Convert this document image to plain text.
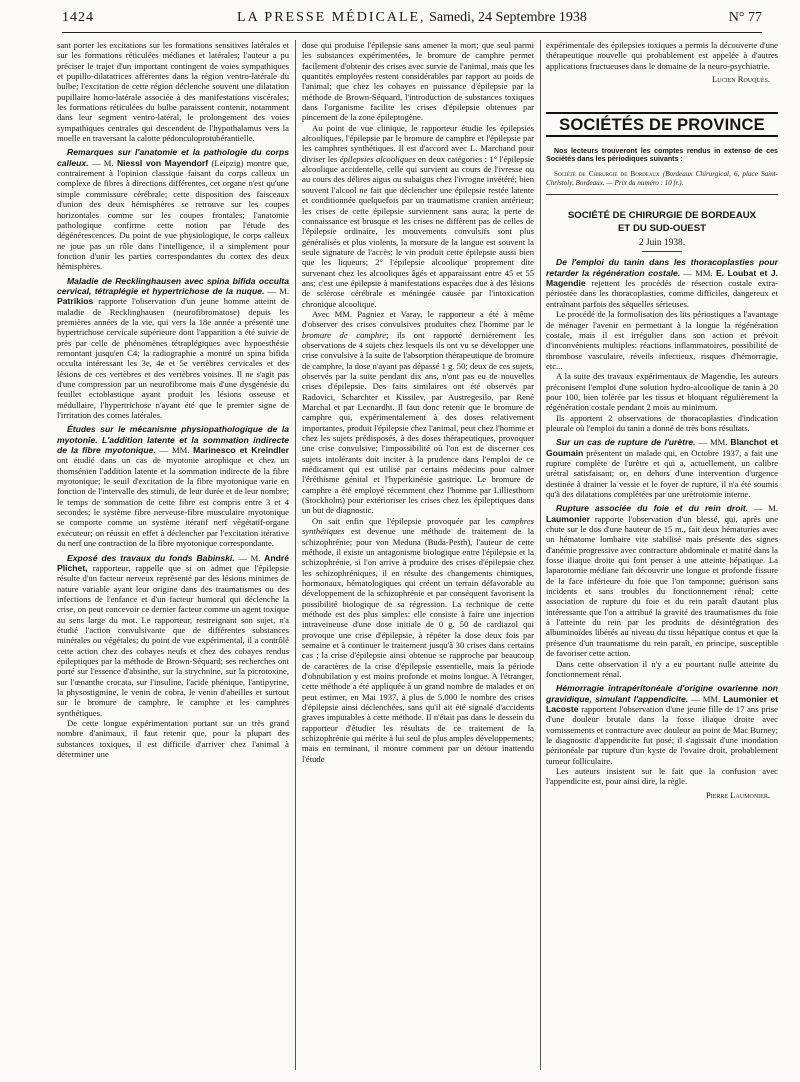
1424	LA PRESSE MÉDICALE, Samedi, 24 Septembre 1938	N° 77

sant porter les excitations sur les formations sensitives latérales et sur les formations réticulées médianes et latérales; l'auteur a pu préciser le trajet d'un important contingent de voies sympathiques et pupillo-dilatatrices afférentes dans la région ventro-latérale du bulbe; l'excitation de cette région déclenche souvent une dilatation pupillaire homo-latérale associée à des manifestations viscérales; les formations réticulées du bulbe paraissent contenir, notamment dans leur segment ventro-latéral, le prolongement des voies sympathiques centrales qui descendent de l'hypothalamus vers la moelle en traversant la calotte pédonculoprotubérantielle.

Remarques sur l'anatomie et la pathologie du corps calleux. — M. Niessl von Mayendorf (Leipzig) montre que, contrairement à l'opinion classique faisant du corps calleux un complexe de fibres à directions différentes, cet organe n'est qu'une simple commissure cérébrale; cette disposition des faisceaux d'union des deux hémisphères se retrouve sur les coupes horizontales comme sur les coupes frontales; l'anatomie pathologique confirme cette notion par l'étude des dégénérescences. Du point de vue physiologique, le corps calleux ne joue pas un rôle dans l'intelligence, il a simplement pour fonction d'unir les parties correspondantes du cortex des deux hémisphères.

Maladie de Recklinghausen avec spina bifida occulta cervical, tétraplégie et hypertrichose de la nuque. — M. Patrikios rapporte l'observation d'un jeune homme atteint de maladie de Recklinghausen (neurofibromatose) depuis les premières années de la vie, qui vers la 18e année a présenté une hypertrichose cervicale supérieure dont l'apparition a été suivie de près par celle de phénomènes tétraplégiques avec hypoesthésie remontant jusqu'en C4; la radiographie a montré un spina bifida occulta intéressant les 3e, 4e et 5e vertèbres cervicales et des lésions de ces vertèbres et des vertèbres voisines. Il ne s'agit pas d'une compression par un neurofibrome mais d'une dysgénésie du feuillet ectoblastique ayant produit les lésions osseuse et médullaire, l'hypertrichose n'ayant été que le premier signe de l'irritation des cornes latérales.

Études sur le mécanisme physiopathologique de la myotonie. L'addition latente et la sommation indirecte de la fibre myotonique. — MM. Marinesco et Kreindler ont étudié dans un cas de myotonie atrophique et chez un thomsénien l'addition latente et la sommation indirecte de la fibre myotonique; le seuil d'excitation de la fibre myotonique varie en fonction de l'intervalle des stimuli, de leur durée et de leur nombre; le temps de sommation de cette fibre est compris entre 3 et 4 secondes; le système fibre nerveuse-fibre musculaire myotonique se comporte comme un système itératif nerf végétatif-organe exécuteur; on réussit en effet à déclencher par l'excitation itérative du nerf une contraction de la fibre myotonique correspondante.

Exposé des travaux du fonds Babinski. — M. André Plichet, rapporteur, rappelle que si on admet que l'épilepsie résulte d'un facteur nerveux représenté par des lésions minimes de nature variable ayant leur origine dans des traumatismes ou des infections de l'enfance et d'un facteur humoral qui déclenche la crise, on peut concevoir ce dernier facteur comme un agent toxique au sens large du mot. Le rapporteur, restreignant son sujet, n'a étudié l'action convulsivante que de différentes substances minérales ou végétales; du point de vue expérimental, il a contrôlé cette action chez des cobayes neufs et chez des cobayes rendus épileptiques par la méthode de Brown-Séquard; ses recherches ont porté sur l'essence d'absinthe, sur la strychnine, sur la picrotoxine, sur l'œnanthe crocata, sur l'insuline, l'acide phénique, l'antipyrine, la physostigmine, le venin de cobra, le venin d'abeilles et surtout sur le bromure de camphre, le camphre et les camphres synthétiques.

De cette longue expérimentation portant sur un très grand nombre d'animaux, il faut retenir que, pour la plupart des substances toxiques, il est difficile d'arriver chez l'animal à déterminer une

dose qui produise l'épilepsie sans amener la mort; que seul parmi les substances expérimentées, le bromure de camphre permet facilement d'obtenir des crises avec survie de l'animal, mais que les quantités employées restent considérables par rapport au poids de l'animal; que chez les cobayes en puissance d'épilepsie par la méthode de Brown-Séquard, l'introduction de substances toxiques dans l'organisme facilite les crises d'épilepsie obtenues par pincement de la zone épileptogène.

Au point de vue clinique, le rapporteur étudie les épilepsies alcooliques, l'épilepsie par le bromure de camphre et l'épilepsie par les camphres synthétiques. Il est d'accord avec L. Marchand pour diviser les épilepsies alcooliques en deux catégories : 1° l'épilepsie alcoolique accidentelle, celle qui survient au cours de l'ivresse ou au cours des délires aigus ou subaigus chez l'ivrogne invétéré; bien souvent l'alcool ne fait que déclencher une épilepsie restée latente et conditionnée quelquefois par un traumatisme cranien antérieur; les crises de cette épilepsie surviennent sans aura; la perte de connaissance est brusque et les crises ne diffèrent pas de celles de l'épilepsie ordinaire, les mouvements convulsifs sont plus généralisés et plus violents, la morsure de la langue est souvent la seule signature de l'accès; le vin produit cette épilepsie aussi bien que les liqueurs; 2° l'épilepsie alcoolique proprement dite survenant chez les alcooliques âgés et apparaissant entre 45 et 55 ans; c'est une épilepsie à manifestations espacées due à des lésions de sclérose cérébrale et méningée causée par l'intoxication chronique alcoolique.

Avec MM. Pagniez et Varay, le rapporteur a été à même d'observer des crises convulsives produites chez l'homme par le bromure de camphre; ils ont rapporté dernièrement les observations de 4 sujets chez lesquels ils ont vu se développer une crise convulsive à la suite de l'absorption thérapeutique de bromure de camphre, la dose n'ayant pas dépassé 1 g. 50; deux de ces sujets, observés par la suite pendant dix ans, n'ont pas eu de nouvelles crises d'épilepsie. Des faits similaires ont été observés par Radovici, Scharchter et Kissilev, par Austregesilo, par René Marchal et par Lecnardht. Il faut donc retenir que le bromure de camphre qui, expérimentalement à des doses relativement importantes, produit l'épilepsie chez l'animal, peut chez l'homme et chez les sujets prédisposés, à des doses thérapeutiques, provoquer une crise convulsive; l'impossibilité où l'on est de discerner ces sujets intolérants doit inciter à la prudence dans l'emploi de ce médicament qui est utilisé par certains médecins pour calmer l'éréthisme génital et l'hyperkinésie gastrique. Le bromure de camphre a été employé récemment chez l'homme par Lilliesthorn (Stockholm) pour extérioriser les crises chez les épileptiques dans un but de diagnostic.

On sait enfin que l'épilepsie provoquée par les camphres synthétiques est devenue une méthode de traitement de la schizophrénie; pour von Meduna (Buda-Pesth), l'auteur de cette méthode, il existe un antagonisme biologique entre l'épilepsie et la schizophrénie, si l'on arrive à produire des crises d'épilepsie chez les schizophréniques, il en résulte des changements chimiques, hormonaux, hématologiques qui créent un terrain défavorable au développement de la schizophrénie et par conséquent favorisent la possibilité biologique de sa régression. La technique de cette méthode est des plus simples: elle consiste à faire une injection intraveineuse d'une dose initiale de 0 g. 50 de cardiazol qui provoque une crise d'épilepsie, à répéter la dose deux fois par semaine et à continuer le traitement jusqu'à 30 crises dans certains cas ; la crise d'épilepsie ainsi obtenue se rapproche par beaucoup de caractères de la crise d'épilepsie essentielle, mais la période d'obnubilation y est moins profonde et moins longue. A l'étranger, cette méthode a été appliquée à un grand nombre de malades et on peut estimer, en Mai 1937, à plus de 5.000 le nombre des crises d'épilepsie ainsi déclenchées, sans qu'il ait été signalé d'accidents graves imputables à cette méthode. Il n'était pas dans le dessein du rapporteur d'étudier les résultats de ce traitement de la schizophrénie qui mérite à lui seul de plus amples développements; mais en terminant, il montre comment par un détour inattendu l'étude

expérimentale des épilepsies toxiques a permis la découverte d'une thérapeutique nouvelle qui probablement est appelée à d'autres applications fructueuses dans le domaine de la neuro-psychiatrie.

Lucien Rouquès.

SOCIÉTÉS DE PROVINCE

Nos lecteurs trouveront les comptes rendus in extenso de ces Sociétés dans les périodiques suivants :

Société de Chirurgie de Bordeaux (Bordeaux Chirurgical, 6, place Saint-Christoly, Bordeaux. — Prix du numéro : 10 fr.).

SOCIÉTÉ DE CHIRURGIE DE BORDEAUX
ET DU SUD-OUEST
2 Juin 1938.

De l'emploi du tanin dans les thoracoplasties pour retarder la régénération costale. — MM. E. Loubat et J. Magendie rejettent les procédés de résection costale extra-périostée dans les thoracoplasties, comme difficiles, dangereux et entraînant parfois des séquelles sérieuses.

Le procédé de la formolisation des lits périostiques a l'avantage de ménager l'avenir en permettant à la longue la régénération costale, mais il est irrégulier dans son action et prévoit d'inconvénients multiples: réactions inflammatoires, possibilité de thrombose vasculaire, réveils infectieux, risques d'hémorragie, etc...

A la suite des travaux expérimentaux de Magendie, les auteurs préconisent l'emploi d'une solution hydro-alcoolique de tanin à 20 pour 100, bien tolérée par les tissus et bloquant régulièrement la régénération costale pendant 2 mois au minimum.

Ils apportent 2 observations de thoracoplasties d'indication pleurale où l'emploi du tanin a donné de très bons résultats.

Sur un cas de rupture de l'urètre. — MM. Blanchot et Goumain présentent un malade qui, en Octobre 1937, a fait une rupture complète de l'urètre et qui a, actuellement, un calibre urétral satisfaisant; or, en dehors d'une intervention d'urgence destinée à drainer la vessie et le foyer de rupture, il n'a été soumis qu'à des dilatations complétées par une urétrotomie interne.

Rupture associée du foie et du rein droit. — M. Laumonier rapporte l'observation d'un blessé, qui, après une chute sur le dos d'une hauteur de 15 m., fait deux hématuries avec un hématome lombaire vite stabilisé mais présente des signes d'anémie progressive avec contracture abdominale et matité dans la fosse iliaque droite qui font penser à une atteinte hépatique. La laparotomie médiane fait découvrir une longue et profonde fissure de la face inférieure du foie que l'on tamponne; guérison sans incidents et sans troubles du fonctionnement rénal; cette association de rupture du foie et du rein paraît d'autant plus intéressante que l'on a attribué la gravité des traumatismes du foie à l'atteinte du rein par les produits de désintégration des albuminoïdes libérés au niveau du tissu hépatique contus et que la présence d'un traumatisme du rein paraît, en principe, susceptible de favoriser cette action.

Dans cette observation il n'y a eu pourtant nulle atteinte du fonctionnement rénal.

Hémorragie intrapéritonéale d'origine ovarienne non gravidique, simulant l'appendicite. — MM. Laumonier et Lacoste rapportent l'observation d'une jeune fille de 17 ans prise d'une douleur brutale dans la fosse iliaque droite avec vomissements et contracture avec douleur au point de Mac Burney; le diagnostic d'appendicite fut posé; il s'agissait d'une inondation péritonéale par rupture d'un kyste de l'ovaire droit, probablement tumeur folliculaire.

Les auteurs insistent sur le fait que la confusion avec l'appendicite est, pour ainsi dire, la règle.

Pierre Laumonier.
